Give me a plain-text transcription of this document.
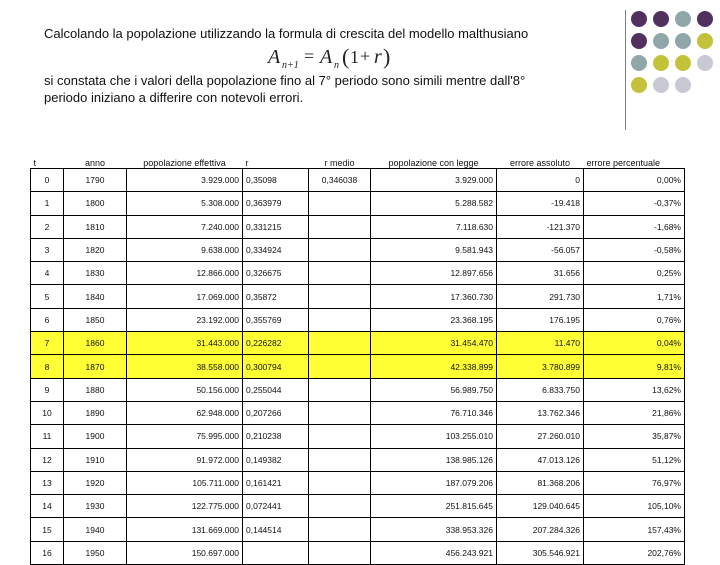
Calcolando la popolazione utilizzando la formula di crescita del modello malthusiano
A n+1 = A n ( 1 + r )
si constata che i valori della popolazione fino al 7° periodo sono simili mentre dall'8°
periodo iniziano a differire con notevoli errori.
t	anno	popolazione effettiva	r	r medio	popolazione con legge	errore assoluto	errore percentuale
0	1790	3.929.000	0,35098	0,346038	3.929.000	0	0,00%
1	1800	5.308.000	0,363979		5.288.582	-19.418	-0,37%
2	1810	7.240.000	0,331215		7.118.630	-121.370	-1,68%
3	1820	9.638.000	0,334924		9.581.943	-56.057	-0,58%
4	1830	12.866.000	0,326675		12.897.656	31.656	0,25%
5	1840	17.069.000	0,35872		17.360.730	291.730	1,71%
6	1850	23.192.000	0,355769		23.368.195	176.195	0,76%
7	1860	31.443.000	0,226282		31.454.470	11.470	0,04%
8	1870	38.558.000	0,300794		42.338.899	3.780.899	9,81%
9	1880	50.156.000	0,255044		56.989.750	6.833.750	13,62%
10	1890	62.948.000	0,207266		76.710.346	13.762.346	21,86%
11	1900	75.995.000	0,210238		103.255.010	27.260.010	35,87%
12	1910	91.972.000	0,149382		138.985.126	47.013.126	51,12%
13	1920	105.711.000	0,161421		187.079.206	81.368.206	76,97%
14	1930	122.775.000	0,072441		251.815.645	129.040.645	105,10%
15	1940	131.669.000	0,144514		338.953.326	207.284.326	157,43%
16	1950	150.697.000			456.243.921	305.546.921	202,76%
